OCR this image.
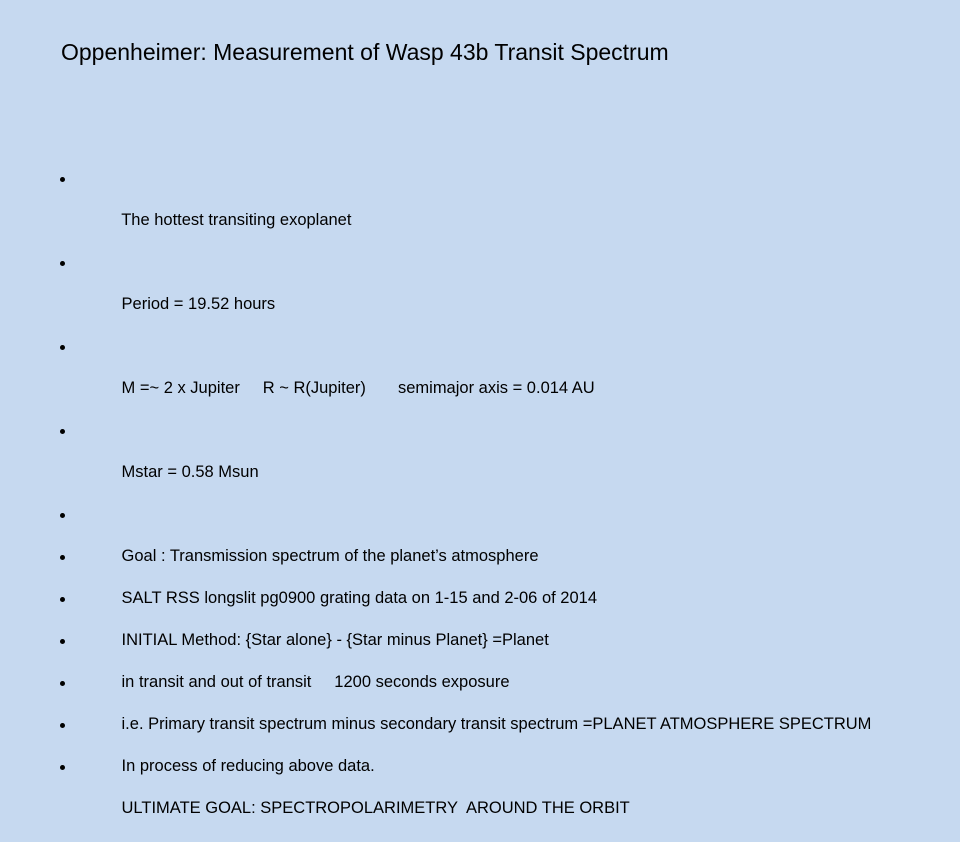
Oppenheimer: Measurement of Wasp 43b Transit Spectrum

The hottest transiting exoplanet

Period = 19.52 hours

M =~ 2 x Jupiter     R ~ R(Jupiter)       semimajor axis = 0.014 AU

Mstar = 0.58 Msun

Goal : Transmission spectrum of the planet’s atmosphere

INITIAL Method: {Star alone} - {Star minus Planet} =Planet

i.e. Primary transit spectrum minus secondary transit spectrum =PLANET ATMOSPHERE SPECTRUM

ULTIMATE GOAL: SPECTROPOLARIMETRY  AROUND THE ORBIT

SALT RSS longslit pg0900 grating data on 1-15 and 2-06 of 2014

in transit and out of transit     1200 seconds exposure

In process of reducing above data.
